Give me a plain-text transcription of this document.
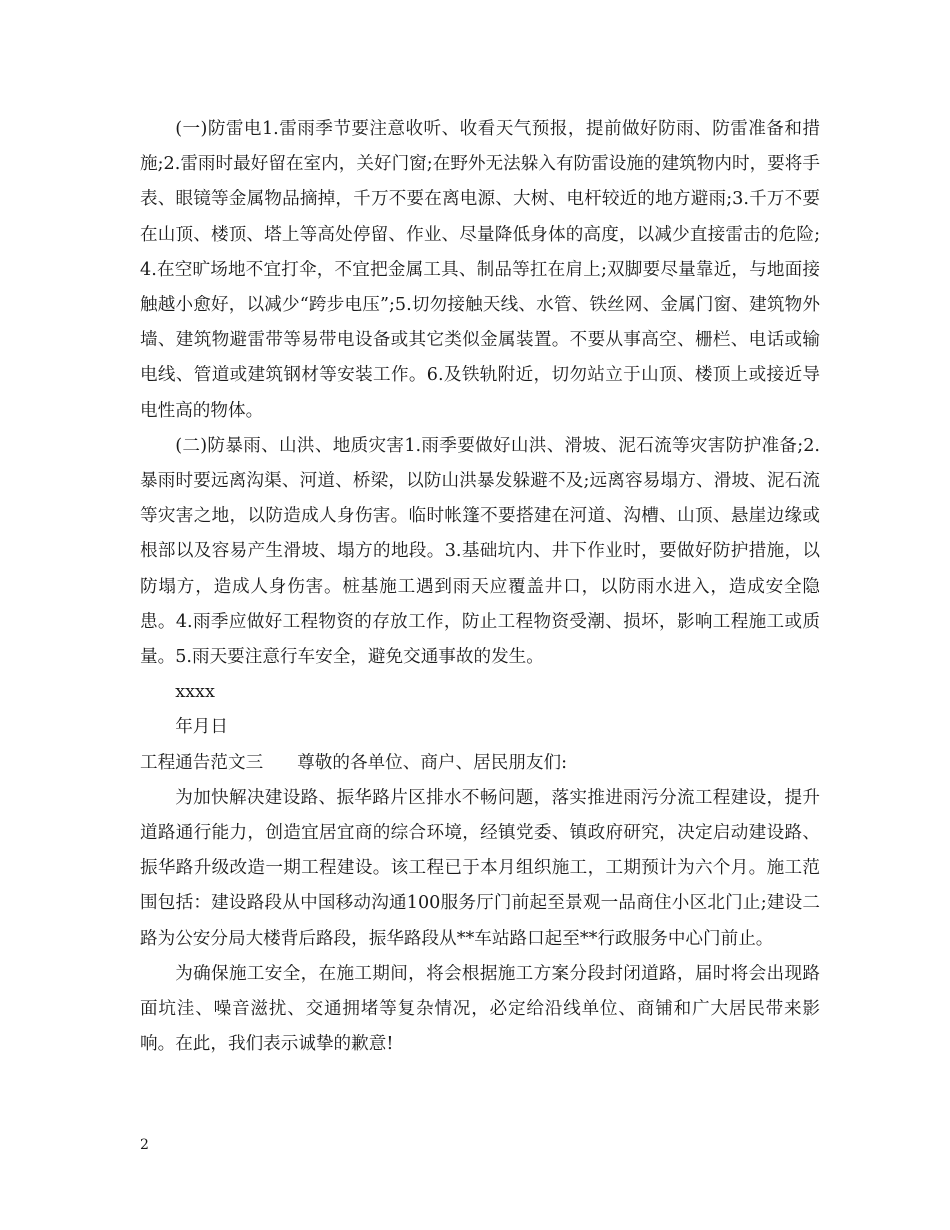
(一)防雷电1.雷雨季节要注意收听、收看天气预报，提前做好防雨、防雷准备和措施;2.雷雨时最好留在室内，关好门窗;在野外无法躲入有防雷设施的建筑物内时，要将手表、眼镜等金属物品摘掉，千万不要在离电源、大树、电杆较近的地方避雨;3.千万不要在山顶、楼顶、塔上等高处停留、作业、尽量降低身体的高度，以减少直接雷击的危险;4.在空旷场地不宜打伞，不宜把金属工具、制品等扛在肩上;双脚要尽量靠近，与地面接触越小愈好，以减少“跨步电压”;5.切勿接触天线、水管、铁丝网、金属门窗、建筑物外墙、建筑物避雷带等易带电设备或其它类似金属装置。不要从事高空、栅栏、电话或输电线、管道或建筑钢材等安装工作。6.及铁轨附近，切勿站立于山顶、楼顶上或接近导电性高的物体。

(二)防暴雨、山洪、地质灾害1.雨季要做好山洪、滑坡、泥石流等灾害防护准备;2.暴雨时要远离沟渠、河道、桥梁，以防山洪暴发躲避不及;远离容易塌方、滑坡、泥石流等灾害之地，以防造成人身伤害。临时帐篷不要搭建在河道、沟槽、山顶、悬崖边缘或根部以及容易产生滑坡、塌方的地段。3.基础坑内、井下作业时，要做好防护措施，以防塌方，造成人身伤害。桩基施工遇到雨天应覆盖井口，以防雨水进入，造成安全隐患。4.雨季应做好工程物资的存放工作，防止工程物资受潮、损坏，影响工程施工或质量。5.雨天要注意行车安全，避免交通事故的发生。

xxxx

年月日

工程通告范文三 尊敬的各单位、商户、居民朋友们:

为加快解决建设路、振华路片区排水不畅问题，落实推进雨污分流工程建设，提升道路通行能力，创造宜居宜商的综合环境，经镇党委、镇政府研究，决定启动建设路、振华路升级改造一期工程建设。该工程已于本月组织施工，工期预计为六个月。施工范围包括：建设路段从中国移动沟通100服务厅门前起至景观一品商住小区北门止;建设二路为公安分局大楼背后路段，振华路段从**车站路口起至**行政服务中心门前止。

为确保施工安全，在施工期间，将会根据施工方案分段封闭道路，届时将会出现路面坑洼、噪音滋扰、交通拥堵等复杂情况，必定给沿线单位、商铺和广大居民带来影响。在此，我们表示诚挚的歉意!

2
